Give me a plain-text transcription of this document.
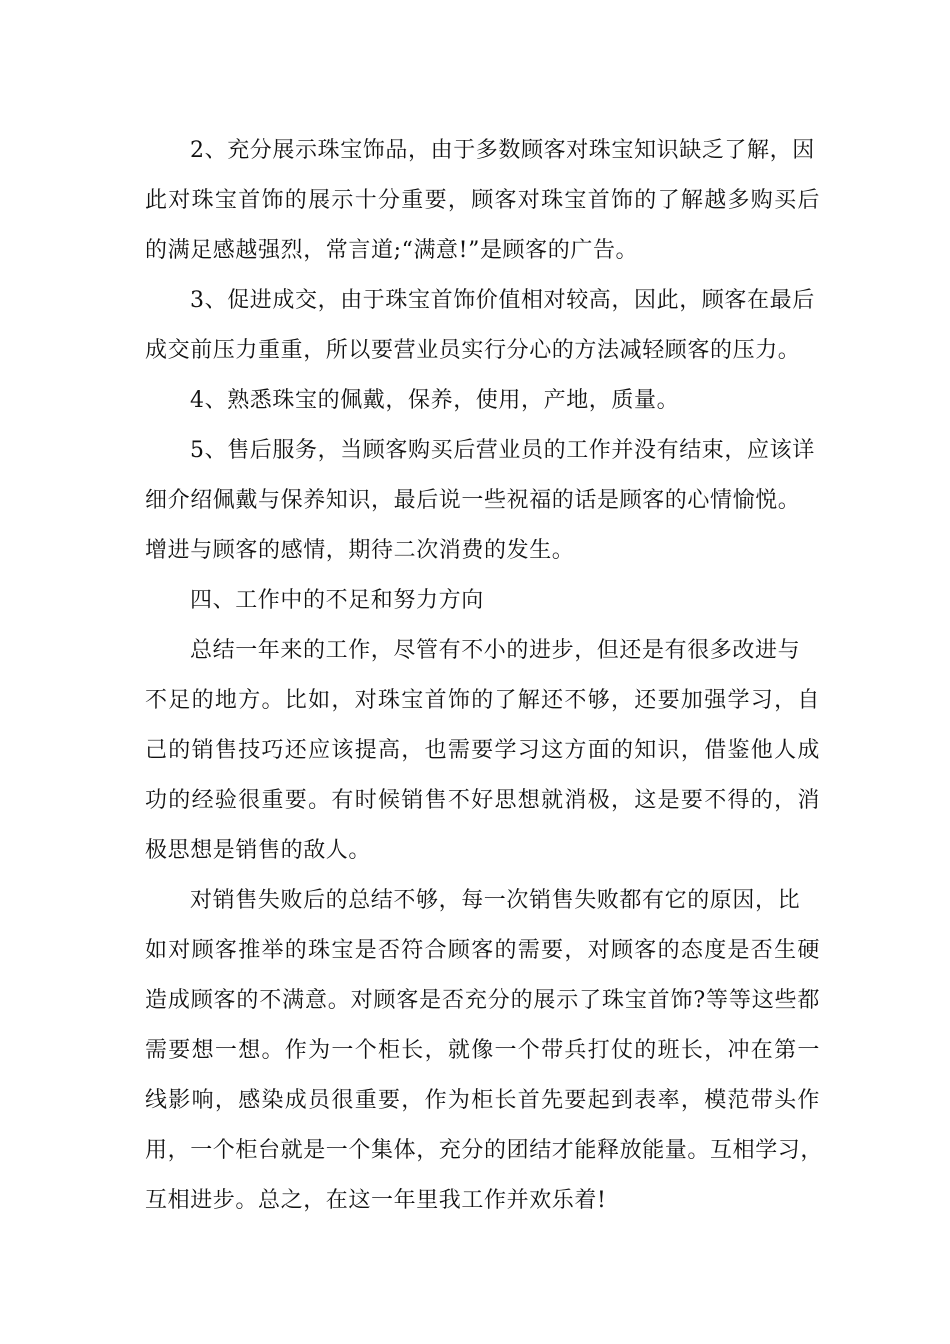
2、充分展示珠宝饰品，由于多数顾客对珠宝知识缺乏了解，因
此对珠宝首饰的展示十分重要，顾客对珠宝首饰的了解越多购买后
的满足感越强烈，常言道;“满意!”是顾客的广告。
3、促进成交，由于珠宝首饰价值相对较高，因此，顾客在最后
成交前压力重重，所以要营业员实行分心的方法减轻顾客的压力。
4、熟悉珠宝的佩戴，保养，使用，产地，质量。
5、售后服务，当顾客购买后营业员的工作并没有结束，应该详
细介绍佩戴与保养知识，最后说一些祝福的话是顾客的心情愉悦。
增进与顾客的感情，期待二次消费的发生。
四、工作中的不足和努力方向
总结一年来的工作，尽管有不小的进步，但还是有很多改进与
不足的地方。比如，对珠宝首饰的了解还不够，还要加强学习，自
己的销售技巧还应该提高，也需要学习这方面的知识，借鉴他人成
功的经验很重要。有时候销售不好思想就消极，这是要不得的，消
极思想是销售的敌人。
对销售失败后的总结不够，每一次销售失败都有它的原因，比
如对顾客推举的珠宝是否符合顾客的需要，对顾客的态度是否生硬
造成顾客的不满意。对顾客是否充分的展示了珠宝首饰?等等这些都
需要想一想。作为一个柜长，就像一个带兵打仗的班长，冲在第一
线影响，感染成员很重要，作为柜长首先要起到表率，模范带头作
用，一个柜台就是一个集体，充分的团结才能释放能量。互相学习，
互相进步。总之，在这一年里我工作并欢乐着!
